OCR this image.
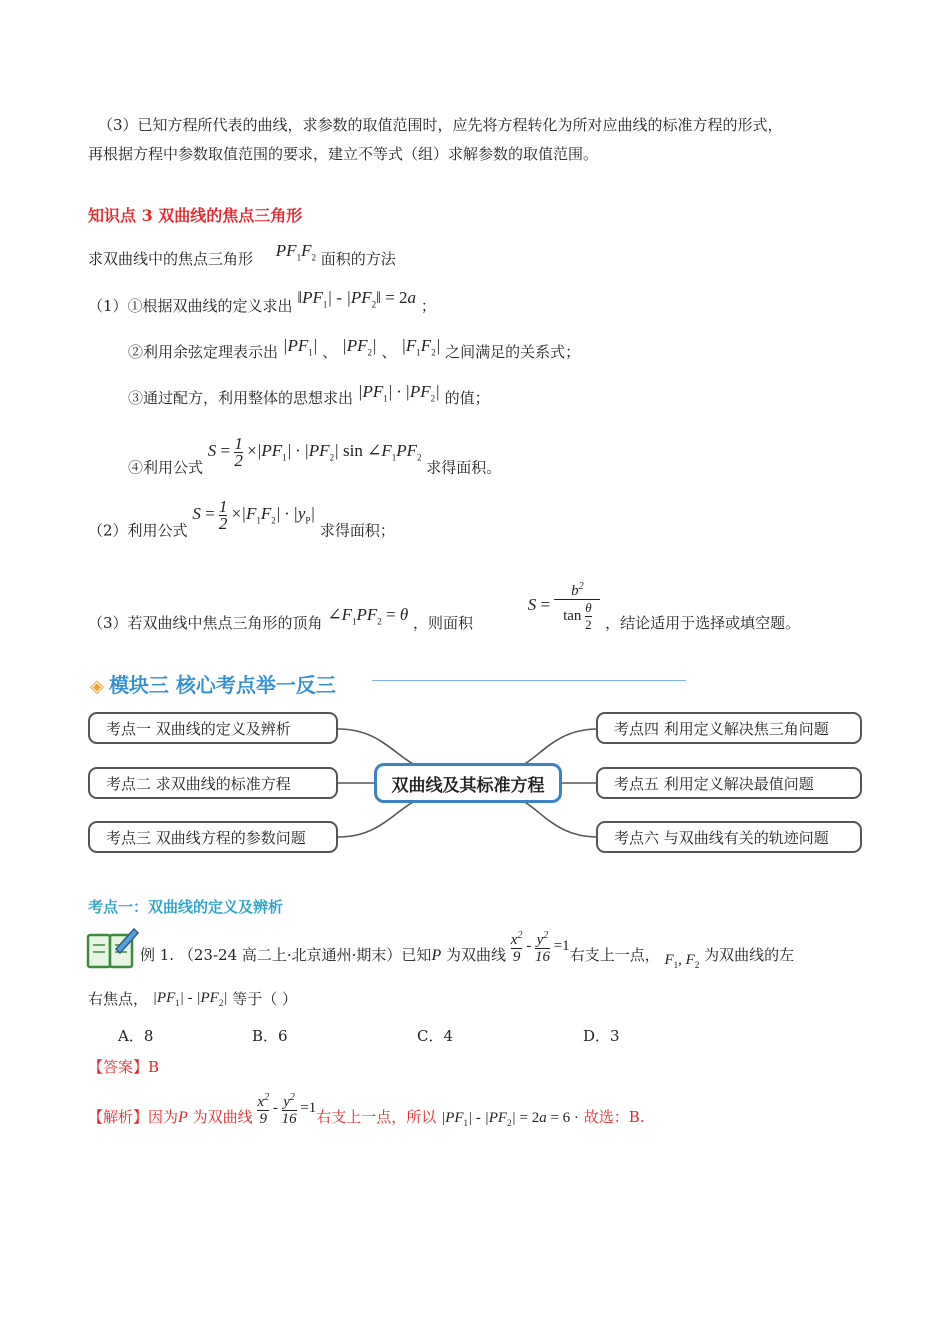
（3）已知方程所代表的曲线，求参数的取值范围时，应先将方程转化为所对应曲线的标准方程的形式，
再根据方程中参数取值范围的要求，建立不等式（组）求解参数的取值范围。
知识点 3 双曲线的焦点三角形
求双曲线中的焦点三角形 $PF_1F_2$ 面积的方法
（1）①根据双曲线的定义求出 $‖PF_1|$ - $|PF_2‖ = 2a$ ；
②利用余弦定理表示出 $|PF_1|$ 、 $|PF_2|$ 、 $|F_1F_2|$ 之间满足的关系式；
③通过配方，利用整体的思想求出 $|PF_1| \cdot |PF_2|$ 的值；
④利用公式 $S = \frac{1}{2} \times|PF_1| \cdot |PF_2|$ $\sin \angle F_1PF_2$ 求得面积。
（2）利用公式 $S = \frac{1}{2} \times|F_1F_2| \cdot |y_P|$ 求得面积；
（3）若双曲线中焦点三角形的顶角 $\angle F_1PF_2 = \theta$ ，则面积 $S = \frac{b^2}{\tan \frac{\theta}{2}}$ ，结论适用于选择或填空题。
◈ 模块三 核心考点举一反三
考点一 双曲线的定义及辨析
考点二 求双曲线的标准方程
考点三 双曲线方程的参数问题
双曲线及其标准方程
考点四 利用定义解决焦三角问题
考点五 利用定义解决最值问题
考点六 与双曲线有关的轨迹问题
考点一：双曲线的定义及辨析
例 1. （23-24 高二上·北京通州·期末）已知P 为双曲线 $\frac{x^2}{9} - \frac{y^2}{16} =1$右支上一点， $F_1$, $F_2$ 为双曲线的左
右焦点， $|PF_1| - |PF_2|$ 等于（ ）
A．8	B．6	C．4	D．3
【答案】B
【解析】因为P 为双曲线 $\frac{x^2}{9} - \frac{y^2}{16} =1$右支上一点，所以 $|PF_1| - |PF_2| = 2a = 6$ · 故选：B.
